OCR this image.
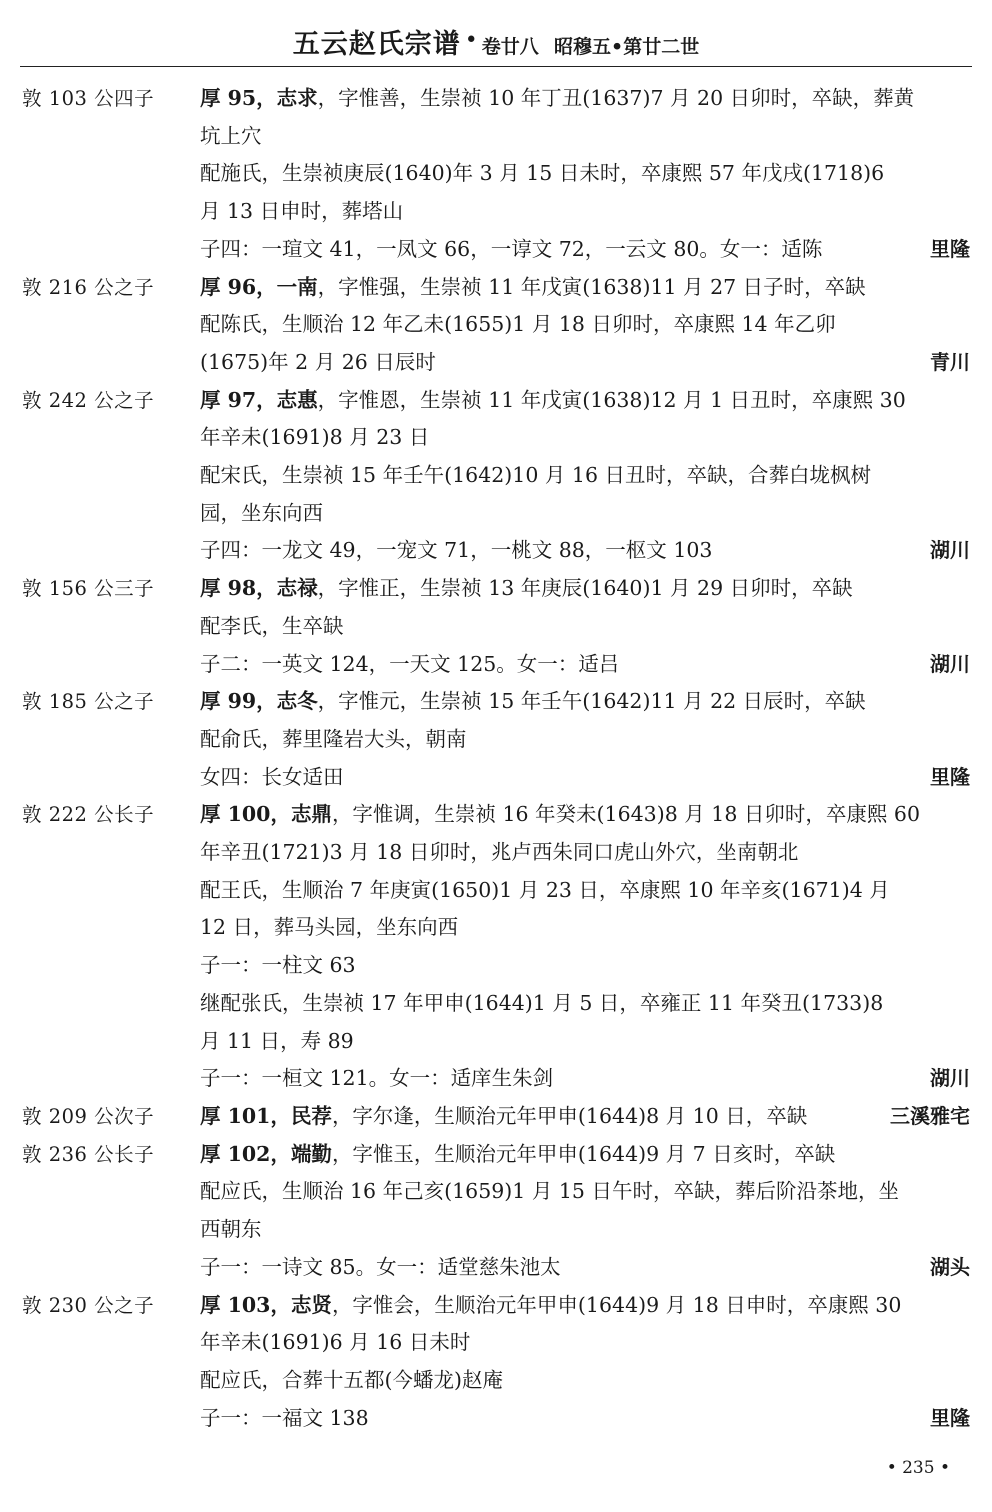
五云赵氏宗谱 • 卷廿八 昭穆五•第廿二世
敦 103 公四子	厚 95，志求，字惟善，生崇祯 10 年丁丑(1637)7 月 20 日卯时，卒缺，葬黄
坑上穴
配施氏，生崇祯庚辰(1640)年 3 月 15 日未时，卒康熙 57 年戊戌(1718)6
月 13 日申时，葬塔山
子四：一瑄文 41，一凤文 66，一谆文 72，一云文 80。女一：适陈	里隆
敦 216 公之子	厚 96，一南，字惟强，生崇祯 11 年戊寅(1638)11 月 27 日子时，卒缺
配陈氏，生顺治 12 年乙未(1655)1 月 18 日卯时，卒康熙 14 年乙卯
(1675)年 2 月 26 日辰时	青川
敦 242 公之子	厚 97，志惠，字惟恩，生崇祯 11 年戊寅(1638)12 月 1 日丑时，卒康熙 30
年辛未(1691)8 月 23 日
配宋氏，生崇祯 15 年壬午(1642)10 月 16 日丑时，卒缺，合葬白垅枫树
园，坐东向西
子四：一龙文 49，一宠文 71，一桃文 88，一枢文 103	湖川
敦 156 公三子	厚 98，志禄，字惟正，生崇祯 13 年庚辰(1640)1 月 29 日卯时，卒缺
配李氏，生卒缺
子二：一英文 124，一天文 125。女一：适吕	湖川
敦 185 公之子	厚 99，志冬，字惟元，生崇祯 15 年壬午(1642)11 月 22 日辰时，卒缺
配俞氏，葬里隆岩大头，朝南
女四：长女适田	里隆
敦 222 公长子	厚 100，志鼎，字惟调，生崇祯 16 年癸未(1643)8 月 18 日卯时，卒康熙 60
年辛丑(1721)3 月 18 日卯时，兆卢西朱同口虎山外穴，坐南朝北
配王氏，生顺治 7 年庚寅(1650)1 月 23 日，卒康熙 10 年辛亥(1671)4 月
12 日，葬马头园，坐东向西
子一：一柱文 63
继配张氏，生崇祯 17 年甲申(1644)1 月 5 日，卒雍正 11 年癸丑(1733)8
月 11 日，寿 89
子一：一桓文 121。女一：适庠生朱剑	湖川
敦 209 公次子	厚 101，民荐，字尔逢，生顺治元年甲申(1644)8 月 10 日，卒缺	三溪雅宅
敦 236 公长子	厚 102，端勤，字惟玉，生顺治元年甲申(1644)9 月 7 日亥时，卒缺
配应氏，生顺治 16 年己亥(1659)1 月 15 日午时，卒缺，葬后阶沿茶地，坐
西朝东
子一：一诗文 85。女一：适堂慈朱池太	湖头
敦 230 公之子	厚 103，志贤，字惟会，生顺治元年甲申(1644)9 月 18 日申时，卒康熙 30
年辛未(1691)6 月 16 日未时
配应氏，合葬十五都(今蟠龙)赵庵
子一：一福文 138	里隆
• 235 •
